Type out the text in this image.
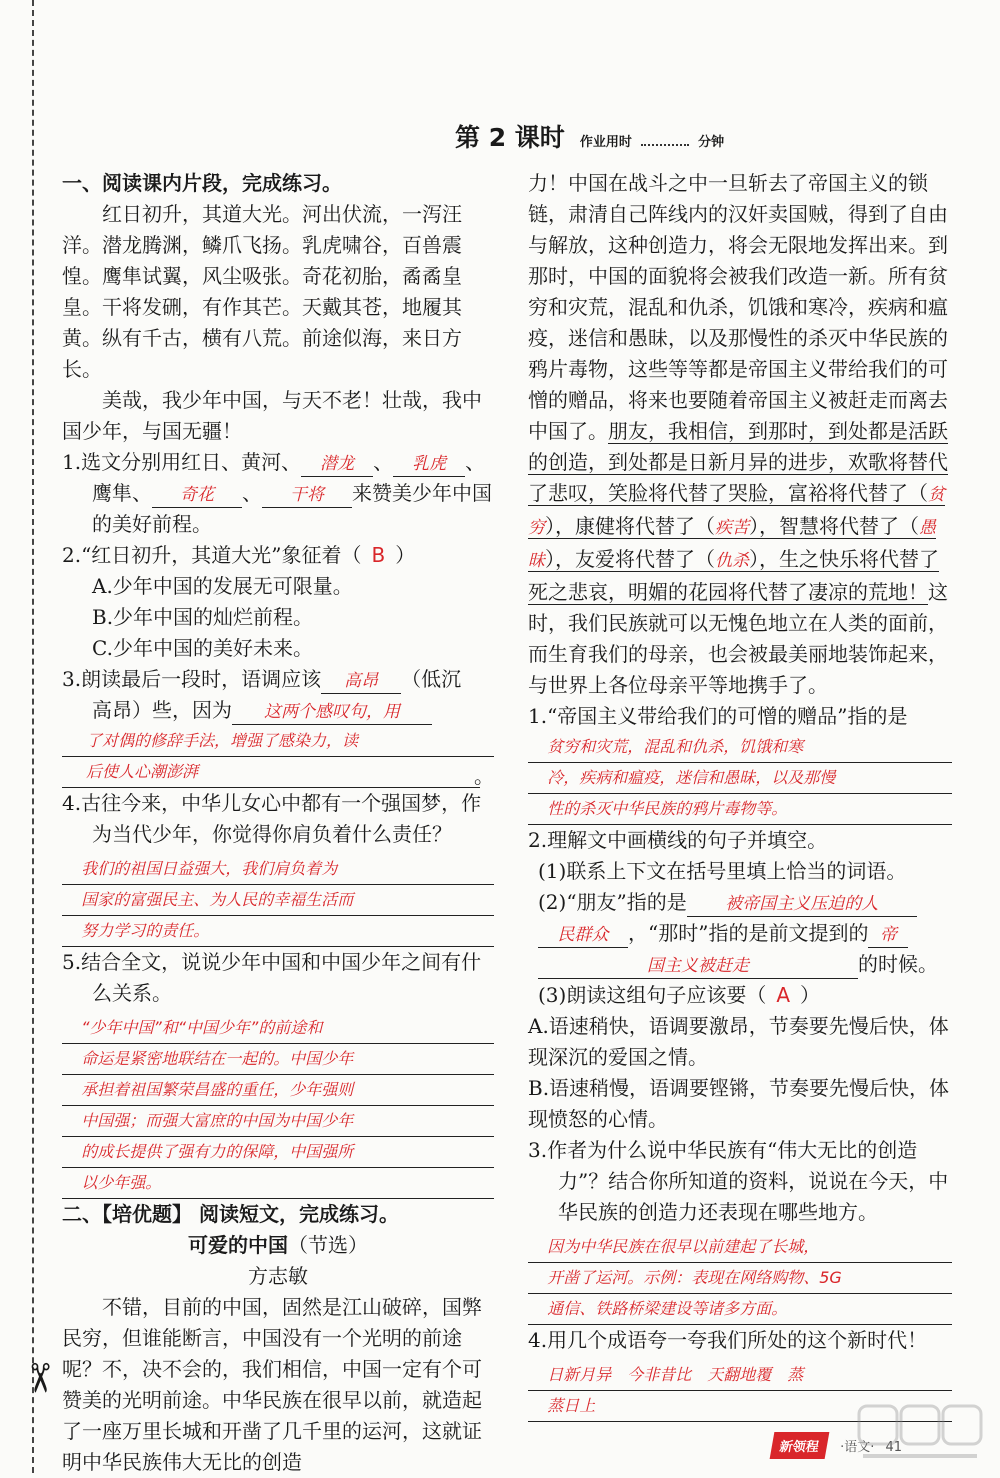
✂
第 2 课时 作业用时	分钟

一、阅读课内片段，完成练习。

红日初升，其道大光。河出伏流，一泻汪洋。潜龙腾渊，鳞爪飞扬。乳虎啸谷，百兽震惶。鹰隼试翼，风尘吸张。奇花初胎，矞矞皇皇。干将发硎，有作其芒。天戴其苍，地履其黄。纵有千古，横有八荒。前途似海，来日方长。

美哉，我少年中国，与天不老！壮哉，我中国少年，与国无疆！

1.选文分别用红日、黄河、 潜龙 、 乳虎 、鹰隼、 奇花 、 干将 来赞美少年中国的美好前程。

2.“红日初升，其道大光”象征着（ B ）

A.少年中国的发展无可限量。

B.少年中国的灿烂前程。

C.少年中国的美好未来。

3.朗读最后一段时，语调应该 高昂 （低沉　高昂）些，因为 这两个感叹句，用

了对偶的修辞手法，增强了感染力，读
后使人心潮澎湃	。

4.古往今来，中华儿女心中都有一个强国梦，作为当代少年，你觉得你肩负着什么责任？

我们的祖国日益强大，我们肩负着为
国家的富强民主、为人民的幸福生活而
努力学习的责任。

5.结合全文，说说少年中国和中国少年之间有什么关系。

“少年中国”和“中国少年”的前途和
命运是紧密地联结在一起的。中国少年
承担着祖国繁荣昌盛的重任，少年强则
中国强；而强大富庶的中国为中国少年
的成长提供了强有力的保障，中国强所
以少年强。

二、【培优题】 阅读短文，完成练习。

可爱的中国（节选）

方志敏

不错，目前的中国，固然是江山破碎，国弊民穷，但谁能断言，中国没有一个光明的前途呢？不，决不会的，我们相信，中国一定有个可赞美的光明前途。中华民族在很早以前，就造起了一座万里长城和开凿了几千里的运河，这就证明中华民族伟大无比的创造

力！中国在战斗之中一旦斩去了帝国主义的锁链，肃清自己阵线内的汉奸卖国贼，得到了自由与解放，这种创造力，将会无限地发挥出来。到那时，中国的面貌将会被我们改造一新。所有贫穷和灾荒，混乱和仇杀，饥饿和寒冷，疾病和瘟疫，迷信和愚昧，以及那慢性的杀灭中华民族的鸦片毒物，这些等等都是帝国主义带给我们的可憎的赠品，将来也要随着帝国主义被赶走而离去中国了。朋友，我相信，到那时，到处都是活跃的创造，到处都是日新月异的进步，欢歌将替代了悲叹，笑脸将代替了哭脸，富裕将代替了（贫穷），康健将代替了（疾苦），智慧将代替了（愚昧），友爱将代替了（仇杀），生之快乐将代替了死之悲哀，明媚的花园将代替了凄凉的荒地！这时，我们民族就可以无愧色地立在人类的面前，而生育我们的母亲，也会被最美丽地装饰起来，与世界上各位母亲平等地携手了。

1.“帝国主义带给我们的可憎的赠品”指的是

贫穷和灾荒，混乱和仇杀，饥饿和寒
冷，疾病和瘟疫，迷信和愚昧，以及那慢
性的杀灭中华民族的鸦片毒物等。

2.理解文中画横线的句子并填空。

(1)联系上下文在括号里填上恰当的词语。

(2)“朋友”指的是 被帝国主义压迫的人民群众 ，“那时”指的是前文提到的 帝国主义被赶走	的时候。

(3)朗读这组句子应该要（ A ）

A.语速稍快，语调要激昂，节奏要先慢后快，体现深沉的爱国之情。

B.语速稍慢，语调要铿锵，节奏要先慢后快，体现愤怒的心情。

3.作者为什么说中华民族有“伟大无比的创造力”？结合你所知道的资料，说说在今天，中华民族的创造力还表现在哪些地方。

因为中华民族在很早以前建起了长城，
开凿了运河。示例：表现在网络购物、5G
通信、铁路桥梁建设等诸多方面。

4.用几个成语夸一夸我们所处的这个新时代！

日新月异　今非昔比　天翻地覆　蒸
蒸日上
新领程 ·语文· 41
